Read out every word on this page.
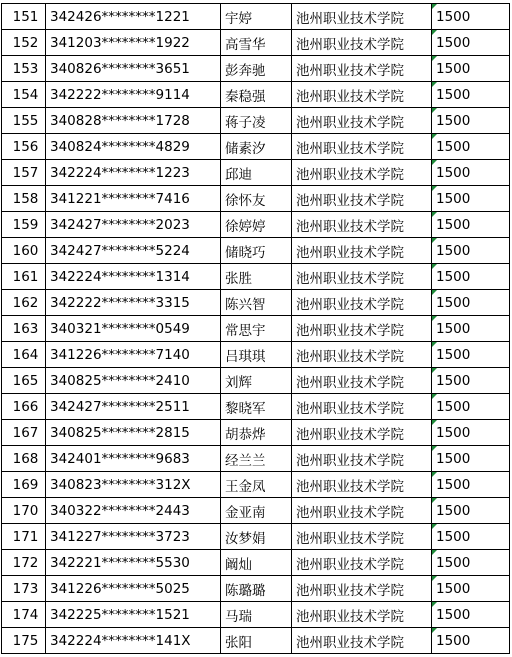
151	342426********1221	宇婷	池州职业技术学院	1500
152	341203********1922	高雪华	池州职业技术学院	1500
153	340826********3651	彭奔驰	池州职业技术学院	1500
154	342222********9114	秦稳强	池州职业技术学院	1500
155	340828********1728	蒋子凌	池州职业技术学院	1500
156	340824********4829	储素汐	池州职业技术学院	1500
157	342224********1223	邱迪	池州职业技术学院	1500
158	341221********7416	徐怀友	池州职业技术学院	1500
159	342427********2023	徐婷婷	池州职业技术学院	1500
160	342427********5224	储晓巧	池州职业技术学院	1500
161	342224********1314	张胜	池州职业技术学院	1500
162	342222********3315	陈兴智	池州职业技术学院	1500
163	340321********0549	常思宇	池州职业技术学院	1500
164	341226********7140	吕琪琪	池州职业技术学院	1500
165	340825********2410	刘辉	池州职业技术学院	1500
166	342427********2511	黎晓军	池州职业技术学院	1500
167	340825********2815	胡恭烨	池州职业技术学院	1500
168	342401********9683	经兰兰	池州职业技术学院	1500
169	340823********312X	王金凤	池州职业技术学院	1500
170	340322********2443	金亚南	池州职业技术学院	1500
171	341227********3723	汝梦娟	池州职业技术学院	1500
172	342221********5530	阚灿	池州职业技术学院	1500
173	341226********5025	陈璐璐	池州职业技术学院	1500
174	342225********1521	马瑞	池州职业技术学院	1500
175	342224********141X	张阳	池州职业技术学院	1500
